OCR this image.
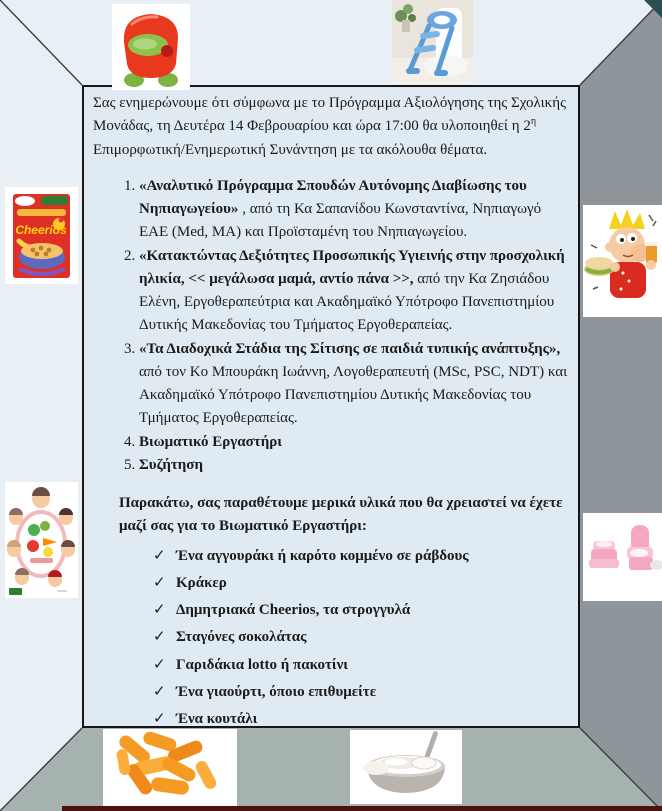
Cheerios

Σας ενημερώνουμε ότι σύμφωνα με το Πρόγραμμα Αξιολόγησης της Σχολικής Μονάδας, τη Δευτέρα 14 Φεβρουαρίου και ώρα 17:00 θα υλοποιηθεί η $2^\eta$ Επιμορφωτική/Ενημερωτική Συνάντηση με τα ακόλουθα θέματα.

1. «Αναλυτικό Πρόγραμμα Σπουδών Αυτόνομης Διαβίωσης του Νηπιαγωγείου» , από τη Κα Σαπανίδου Κωνσταντίνα, Νηπιαγωγό ΕΑΕ (Med, MA) και Προϊσταμένη του Νηπιαγωγείου.
2. «Κατακτώντας Δεξιότητες Προσωπικής Υγιεινής στην προσχολική ηλικία, << μεγάλωσα μαμά, αντίο πάνα >>, από την Κα Ζησιάδου Ελένη, Εργοθεραπεύτρια και Ακαδημαϊκό Υπότροφο Πανεπιστημίου Δυτικής Μακεδονίας του Τμήματος Εργοθεραπείας.
3. «Τα Διαδοχικά Στάδια της Σίτισης σε παιδιά τυπικής ανάπτυξης», από τον Κο Μπουράκη Ιωάννη, Λογοθεραπευτή (MSc, PSC, NDT) και Ακαδημαϊκό Υπότροφο Πανεπιστημίου Δυτικής Μακεδονίας του Τμήματος Εργοθεραπείας.
4. Βιωματικό Εργαστήρι
5. Συζήτηση

Παρακάτω, σας παραθέτουμε μερικά υλικά που θα χρειαστεί να έχετε μαζί σας για το Βιωματικό Εργαστήρι:

✓ Ένα αγγουράκι ή καρότο κομμένο σε ράβδους
✓ Κράκερ
✓ Δημητριακά Cheerios, τα στρογγυλά
✓ Σταγόνες σοκολάτας
✓ Γαριδάκια lotto ή πακοτίνι
✓ Ένα γιαούρτι, όποιο επιθυμείτε
✓ Ένα κουτάλι
